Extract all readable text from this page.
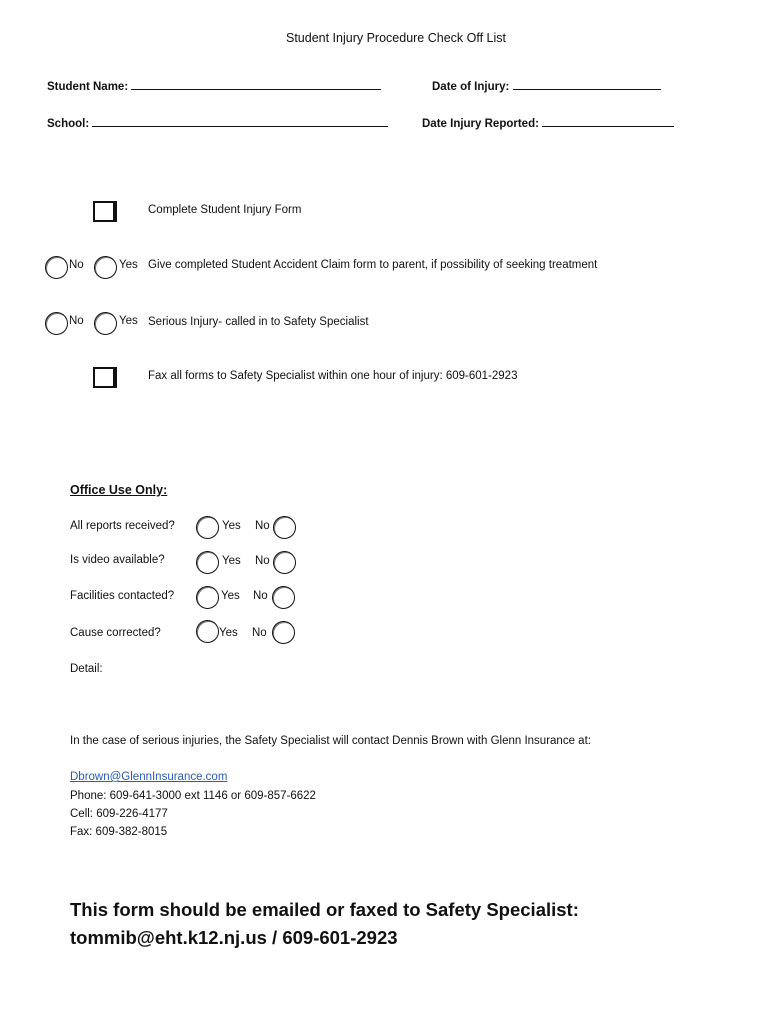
Student Injury Procedure Check Off List
Student Name:	Date of Injury:
School:	Date Injury Reported:
Complete Student Injury Form
No	Yes Give completed Student Accident Claim form to parent, if possibility of seeking treatment
No	Yes Serious Injury- called in to Safety Specialist
Fax all forms to Safety Specialist within one hour of injury: 609-601-2923
Office Use Only:
All reports received?	Yes No
Is video available?	Yes No
Facilities contacted?	Yes No
Cause corrected?	Yes No
Detail:
In the case of serious injuries, the Safety Specialist will contact Dennis Brown with Glenn Insurance at:
Dbrown@GlennInsurance.com
Phone: 609-641-3000 ext 1146 or 609-857-6622
Cell: 609-226-4177
Fax: 609-382-8015
This form should be emailed or faxed to Safety Specialist:
tommib@eht.k12.nj.us / 609-601-2923
